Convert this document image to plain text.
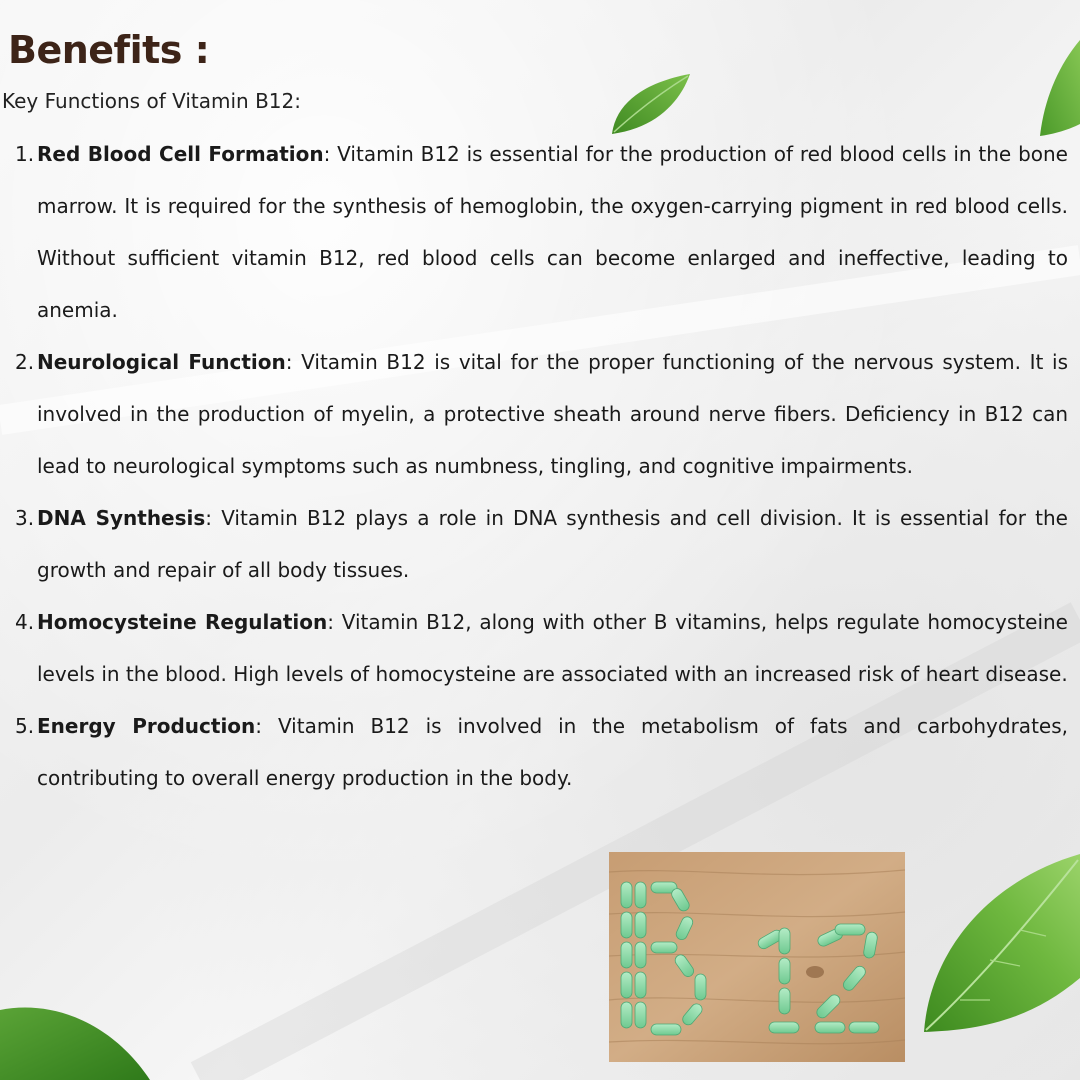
Benefits :

Key Functions of Vitamin B12:

1. Red Blood Cell Formation: Vitamin B12 is essential for the production of red blood cells in the bone marrow. It is required for the synthesis of hemoglobin, the oxygen-carrying pigment in red blood cells. Without sufficient vitamin B12, red blood cells can become enlarged and ineffective, leading to anemia.
2. Neurological Function: Vitamin B12 is vital for the proper functioning of the nervous system. It is involved in the production of myelin, a protective sheath around nerve fibers. Deficiency in B12 can lead to neurological symptoms such as numbness, tingling, and cognitive impairments.
3. DNA Synthesis: Vitamin B12 plays a role in DNA synthesis and cell division. It is essential for the growth and repair of all body tissues.
4. Homocysteine Regulation: Vitamin B12, along with other B vitamins, helps regulate homocysteine levels in the blood. High levels of homocysteine are associated with an increased risk of heart disease.
5. Energy Production: Vitamin B12 is involved in the metabolism of fats and carbohydrates, contributing to overall energy production in the body.
